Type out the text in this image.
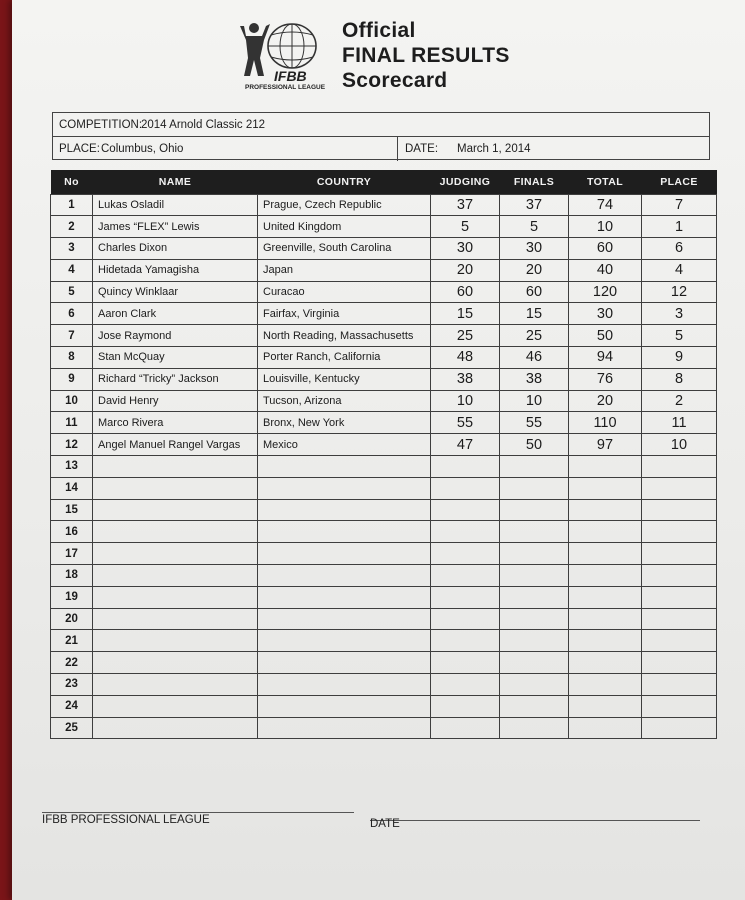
IFBB
PROFESSIONAL LEAGUE
Official
FINAL RESULTS
Scorecard
COMPETITION:
2014 Arnold Classic 212
PLACE: Columbus, Ohio	DATE: March 1, 2014
No	NAME	COUNTRY	JUDGING	FINALS	TOTAL	PLACE
1	Lukas Osladil	Prague, Czech Republic	37	37	74	7
2	James “FLEX” Lewis	United Kingdom	5	5	10	1
3	Charles Dixon	Greenville, South Carolina	30	30	60	6
4	Hidetada Yamagisha	Japan	20	20	40	4
5	Quincy Winklaar	Curacao	60	60	120	12
6	Aaron Clark	Fairfax, Virginia	15	15	30	3
7	Jose Raymond	North Reading, Massachusetts	25	25	50	5
8	Stan McQuay	Porter Ranch, California	48	46	94	9
9	Richard “Tricky” Jackson	Louisville, Kentucky	38	38	76	8
10	David Henry	Tucson, Arizona	10	10	20	2
11	Marco Rivera	Bronx, New York	55	55	110	11
12	Angel Manuel Rangel Vargas	Mexico	47	50	97	10
13						
14						
15						
16						
17						
18						
19						
20						
21						
22						
23						
24						
25						
IFBB PROFESSIONAL LEAGUE	DATE
